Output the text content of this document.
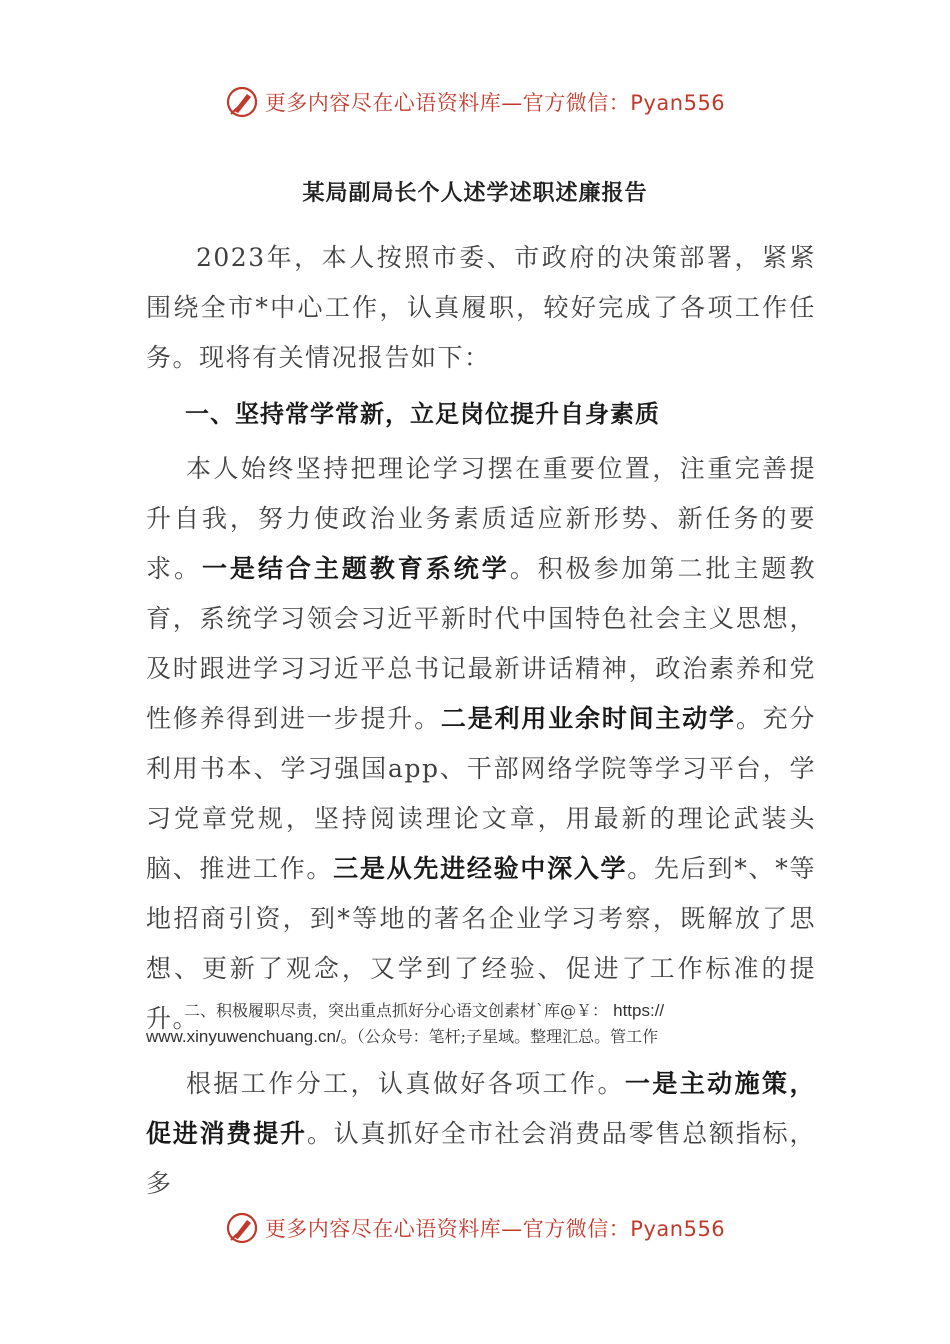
更多内容尽在心语资料库—官方微信：Pyan556
某局副局长个人述学述职述廉报告
2023年，本人按照市委、市政府的决策部署，紧紧围绕全市*中心工作，认真履职，较好完成了各项工作任务。现将有关情况报告如下：
一、坚持常学常新，立足岗位提升自身素质
本人始终坚持把理论学习摆在重要位置，注重完善提升自我，努力使政治业务素质适应新形势、新任务的要求。一是结合主题教育系统学。积极参加第二批主题教育，系统学习领会习近平新时代中国特色社会主义思想，及时跟进学习习近平总书记最新讲话精神，政治素养和党性修养得到进一步提升。二是利用业余时间主动学。充分利用书本、学习强国app、干部网络学院等学习平台，学习党章党规，坚持阅读理论文章，用最新的理论武装头脑、推进工作。三是从先进经验中深入学。先后到*、*等地招商引资，到*等地的著名企业学习考察，既解放了思想、更新了观念，又学到了经验、促进了工作标准的提升。
二、积极履职尽责，突出重点抓好分心语文创素材`库@￥： https://
www.xinyuwenchuang.cn/。（公众号：笔杆;子星域。整理汇总。管工作
根据工作分工，认真做好各项工作。一是主动施策，促进消费提升。认真抓好全市社会消费品零售总额指标，多
更多内容尽在心语资料库—官方微信：Pyan556
